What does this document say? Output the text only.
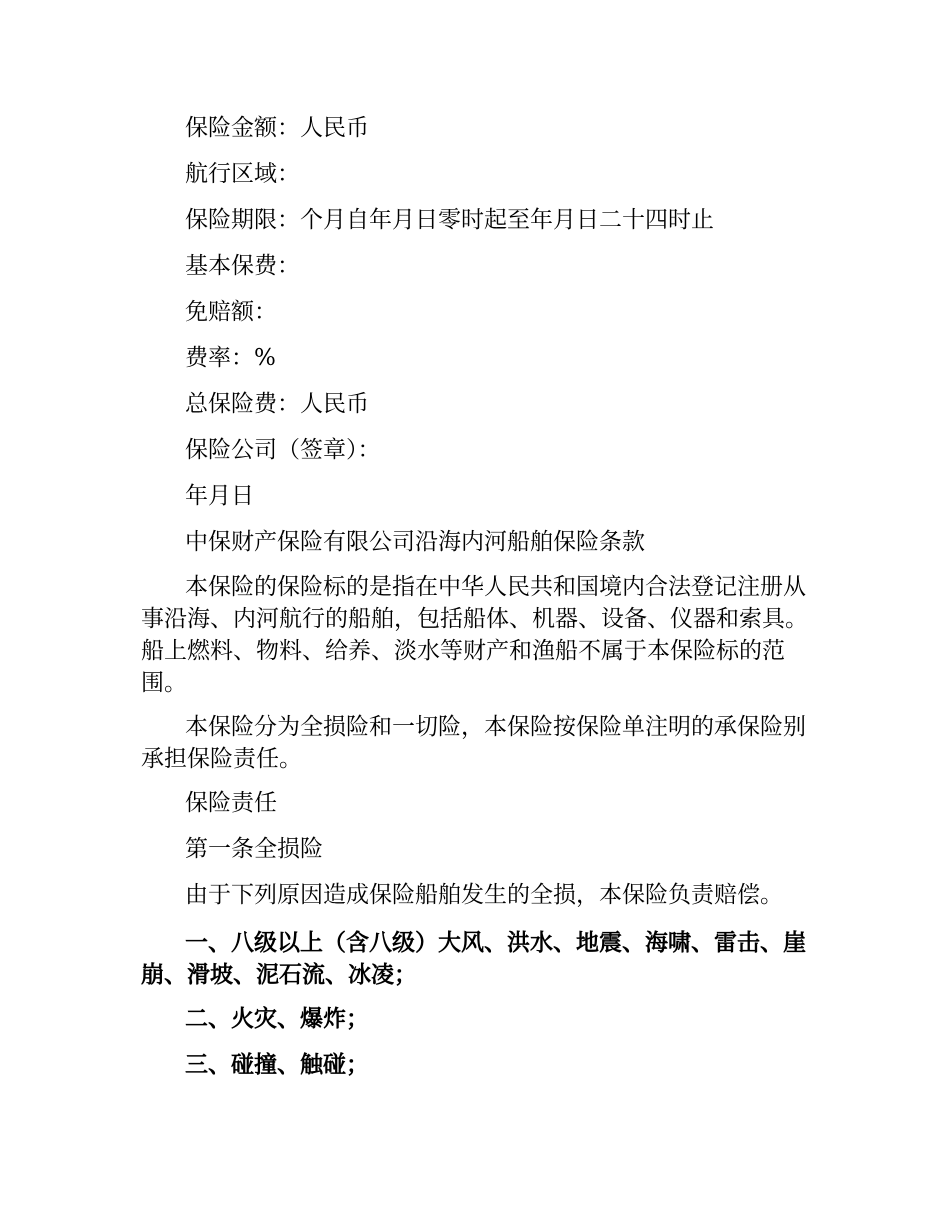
保险金额：人民币
航行区域：
保险期限：个月自年月日零时起至年月日二十四时止
基本保费：
免赔额：
费率：%
总保险费：人民币
保险公司（签章）：
年月日
中保财产保险有限公司沿海内河船舶保险条款
本保险的保险标的是指在中华人民共和国境内合法登记注册从事沿海、内河航行的船舶，包括船体、机器、设备、仪器和索具。船上燃料、物料、给养、淡水等财产和渔船不属于本保险标的范围。
本保险分为全损险和一切险，本保险按保险单注明的承保险别承担保险责任。
保险责任
第一条全损险
由于下列原因造成保险船舶发生的全损，本保险负责赔偿。
一、八级以上（含八级）大风、洪水、地震、海啸、雷击、崖崩、滑坡、泥石流、冰凌；
二、火灾、爆炸；
三、碰撞、触碰；
